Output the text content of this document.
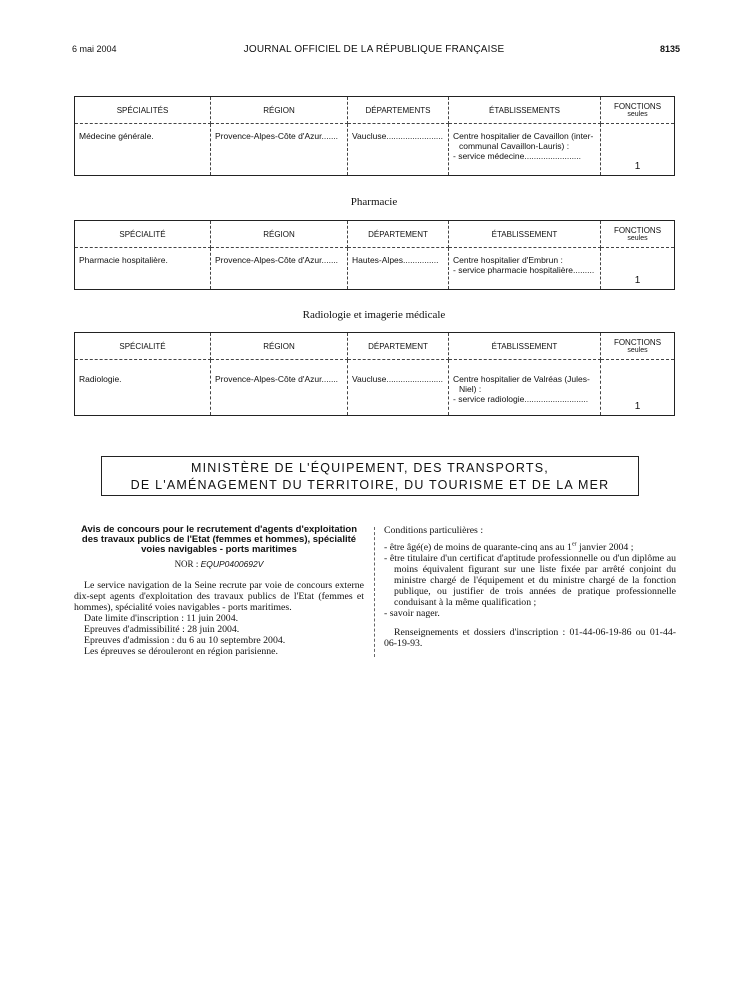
6 mai 2004	JOURNAL OFFICIEL DE LA RÉPUBLIQUE FRANÇAISE	8135
SPÉCIALITÉS	RÉGION	DÉPARTEMENTS	ÉTABLISSEMENTS	FONCTIONS
seules

Médecine générale.	Provence-Alpes-Côte d'Azur.......	Vaucluse........................	Centre hospitalier de Cavaillon (inter-
communal Cavaillon-Lauris) :
- service médecine........................	1
Pharmacie
SPÉCIALITÉ	RÉGION	DÉPARTEMENT	ÉTABLISSEMENT	FONCTIONS
seules

Pharmacie hospitalière.	Provence-Alpes-Côte d'Azur.......	Hautes-Alpes...............	Centre hospitalier d'Embrun :
- service pharmacie hospitalière.........	1
Radiologie et imagerie médicale
SPÉCIALITÉ	RÉGION	DÉPARTEMENT	ÉTABLISSEMENT	FONCTIONS
seules

Radiologie.	Provence-Alpes-Côte d'Azur.......	Vaucluse........................	Centre hospitalier de Valréas (Jules-
Niel) :
- service radiologie...........................	1
MINISTÈRE DE L'ÉQUIPEMENT, DES TRANSPORTS,
DE L'AMÉNAGEMENT DU TERRITOIRE, DU TOURISME ET DE LA MER

Avis de concours pour le recrutement d'agents d'exploitation des travaux publics de l'Etat (femmes et hommes), spécialité voies navigables - ports maritimes

NOR : EQUP0400692V

Le service navigation de la Seine recrute par voie de concours externe dix-sept agents d'exploitation des travaux publics de l'Etat (femmes et hommes), spécialité voies navigables - ports maritimes.

Date limite d'inscription : 11 juin 2004.

Epreuves d'admissibilité : 28 juin 2004.

Epreuves d'admission : du 6 au 10 septembre 2004.

Les épreuves se dérouleront en région parisienne.

Conditions particulières :

- être âgé(e) de moins de quarante-cinq ans au 1er janvier 2004 ;

- être titulaire d'un certificat d'aptitude professionnelle ou d'un diplôme au moins équivalent figurant sur une liste fixée par arrêté conjoint du ministre chargé de l'équipement et du ministre chargé de la fonction publique, ou justifier de trois années de pratique professionnelle conduisant à la même qualification ;

- savoir nager.

Renseignements et dossiers d'inscription : 01-44-06-19-86 ou 01-44-06-19-93.
